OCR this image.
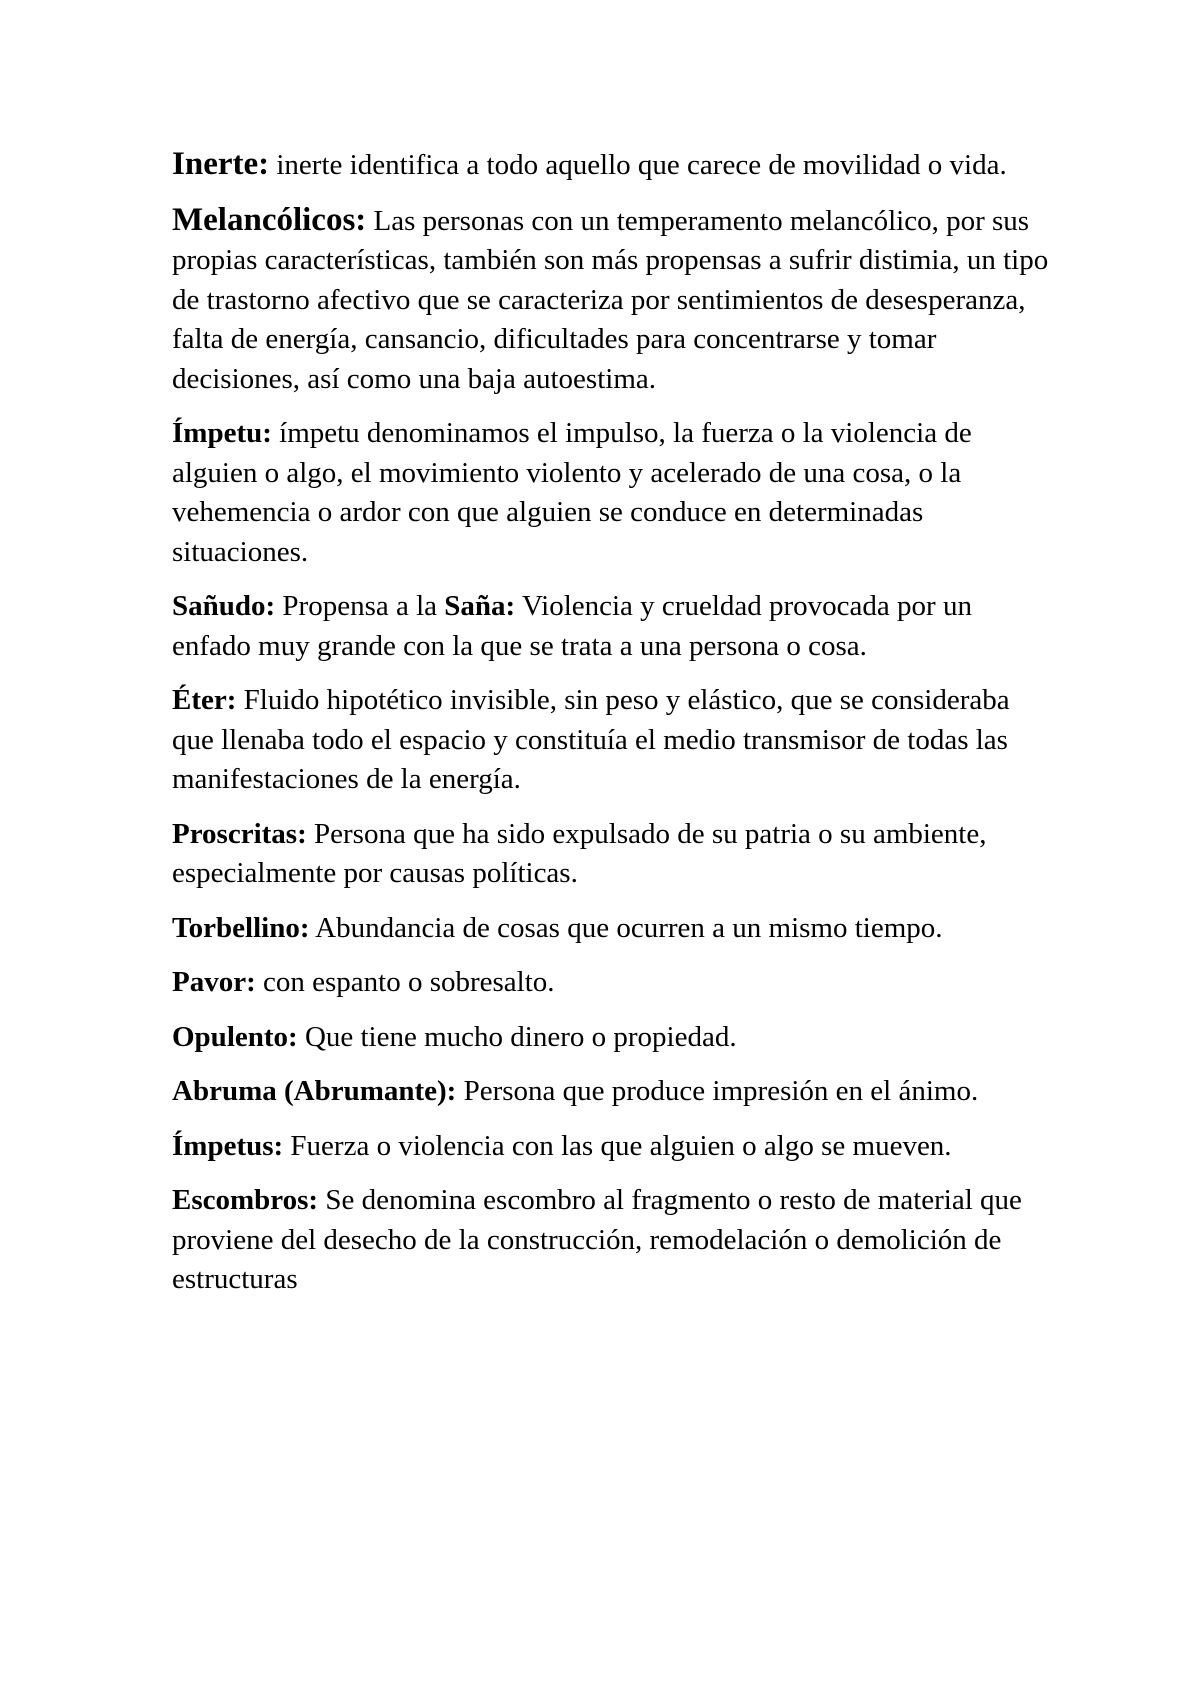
Inerte: inerte identifica a todo aquello que carece de movilidad o vida.

Melancólicos: Las personas con un temperamento melancólico, por sus propias características, también son más propensas a sufrir distimia, un tipo de trastorno afectivo que se caracteriza por sentimientos de desesperanza, falta de energía, cansancio, dificultades para concentrarse y tomar decisiones, así como una baja autoestima.

Ímpetu: ímpetu denominamos el impulso, la fuerza o la violencia de alguien o algo, el movimiento violento y acelerado de una cosa, o la vehemencia o ardor con que alguien se conduce en determinadas situaciones.

Sañudo: Propensa a la Saña: Violencia y crueldad provocada por un enfado muy grande con la que se trata a una persona o cosa.

Éter: Fluido hipotético invisible, sin peso y elástico, que se consideraba que llenaba todo el espacio y constituía el medio transmisor de todas las manifestaciones de la energía.

Proscritas: Persona que ha sido expulsado de su patria o su ambiente, especialmente por causas políticas.

Torbellino: Abundancia de cosas que ocurren a un mismo tiempo.

Pavor: con espanto o sobresalto.

Opulento: Que tiene mucho dinero o propiedad.

Abruma (Abrumante): Persona que produce impresión en el ánimo.

Ímpetus: Fuerza o violencia con las que alguien o algo se mueven.

Escombros: Se denomina escombro al fragmento o resto de material que proviene del desecho de la construcción, remodelación o demolición de estructuras
